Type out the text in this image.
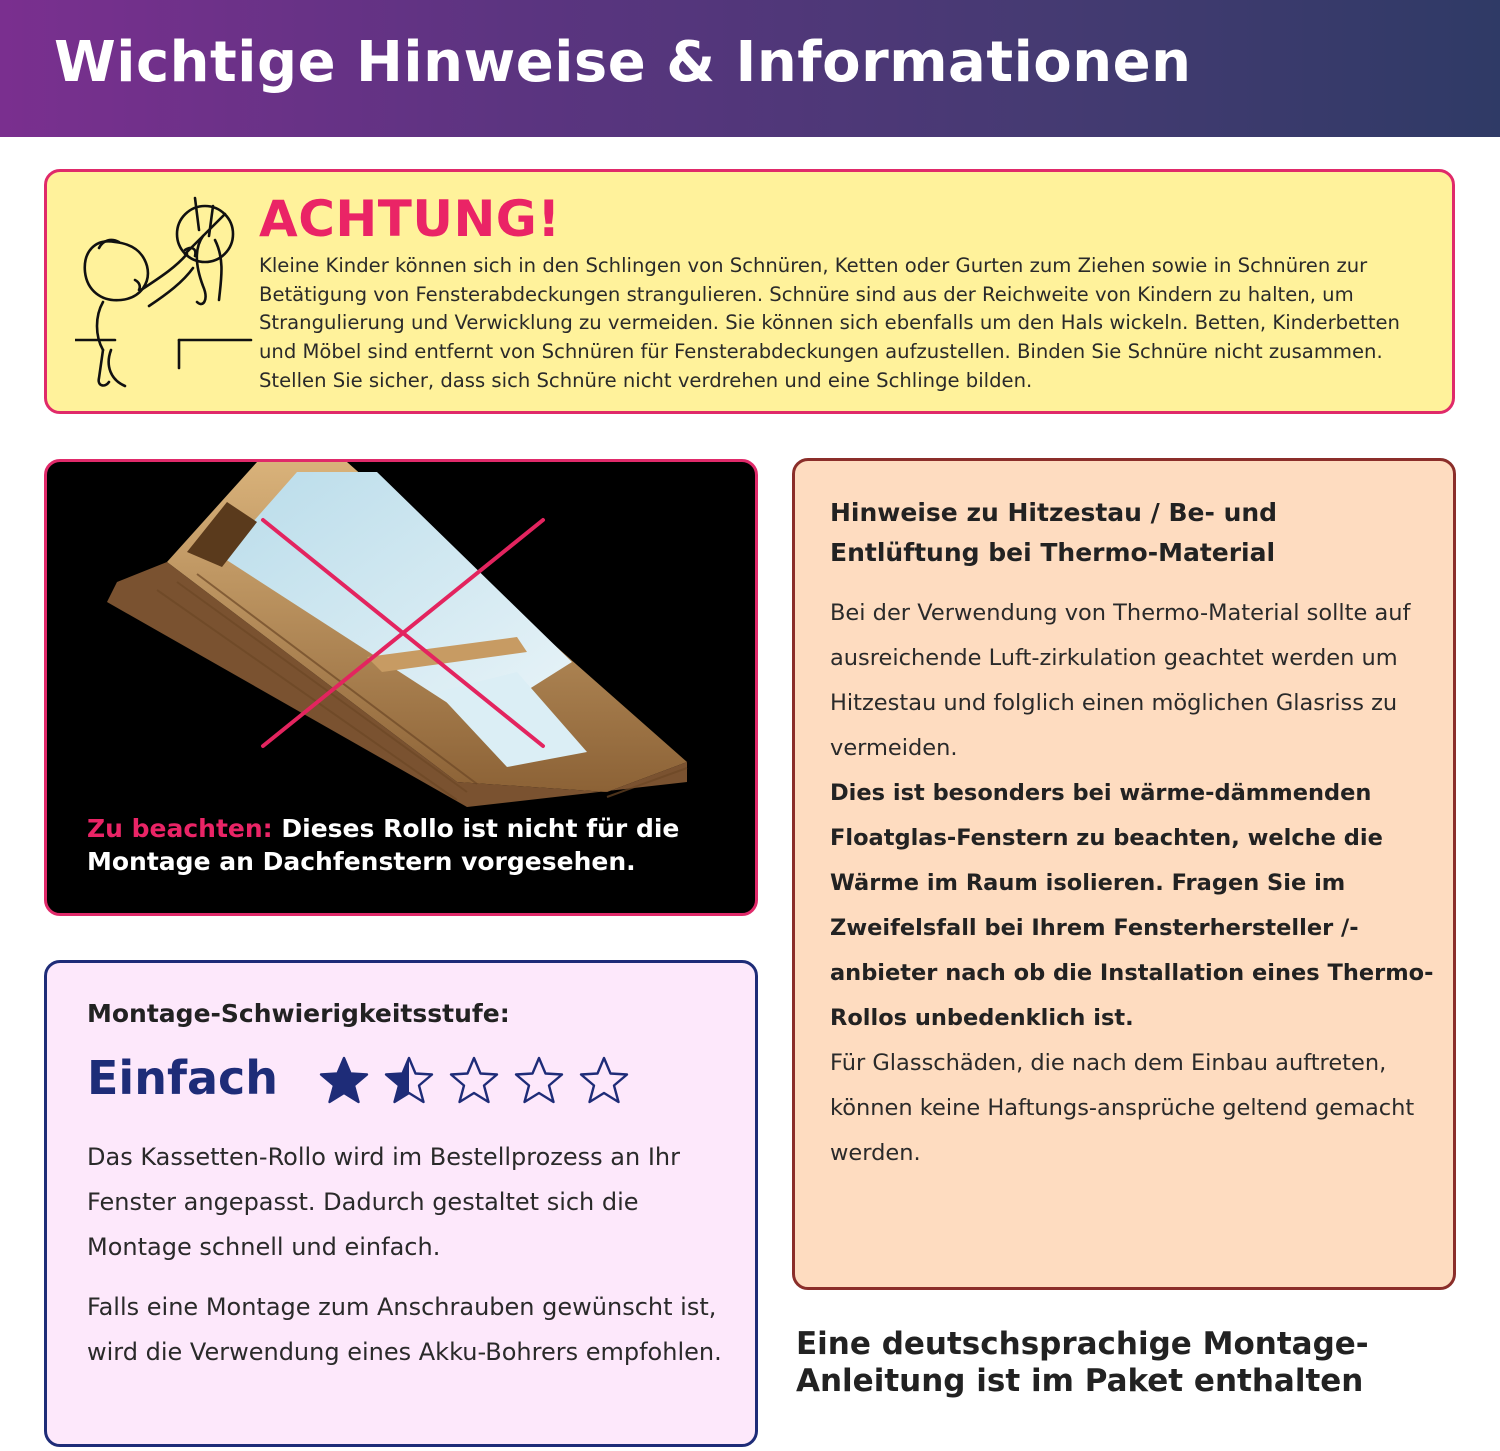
Wichtige Hinweise & Informationen
ACHTUNG!
Kleine Kinder können sich in den Schlingen von Schnüren, Ketten oder Gurten zum Ziehen sowie in Schnüren zur Betätigung von Fensterabdeckungen strangulieren. Schnüre sind aus der Reichweite von Kindern zu halten, um Strangulierung und Verwicklung zu vermeiden. Sie können sich ebenfalls um den Hals wickeln. Betten, Kinderbetten und Möbel sind entfernt von Schnüren für Fensterabdeckungen aufzustellen. Binden Sie Schnüre nicht zusammen. Stellen Sie sicher, dass sich Schnüre nicht verdrehen und eine Schlinge bilden.
Zu beachten: Dieses Rollo ist nicht für die Montage an Dachfenstern vorgesehen.
Montage-Schwierigkeitsstufe:
Einfach
Das Kassetten-Rollo wird im Bestellprozess an Ihr Fenster angepasst. Dadurch gestaltet sich die Montage schnell und einfach.
Falls eine Montage zum Anschrauben gewünscht ist, wird die Verwendung eines Akku-Bohrers empfohlen.
Hinweise zu Hitzestau / Be- und Entlüftung bei Thermo-Material
Bei der Verwendung von Thermo-Material sollte auf ausreichende Luft-zirkulation geachtet werden um Hitzestau und folglich einen möglichen Glasriss zu vermeiden.
Dies ist besonders bei wärme-dämmenden Floatglas-Fenstern zu beachten, welche die Wärme im Raum isolieren. Fragen Sie im Zweifelsfall bei Ihrem Fensterhersteller /-anbieter nach ob die Installation eines Thermo-Rollos unbedenklich ist.
Für Glasschäden, die nach dem Einbau auftreten, können keine Haftungs-ansprüche geltend gemacht werden.
Eine deutschsprachige Montage-Anleitung ist im Paket enthalten
